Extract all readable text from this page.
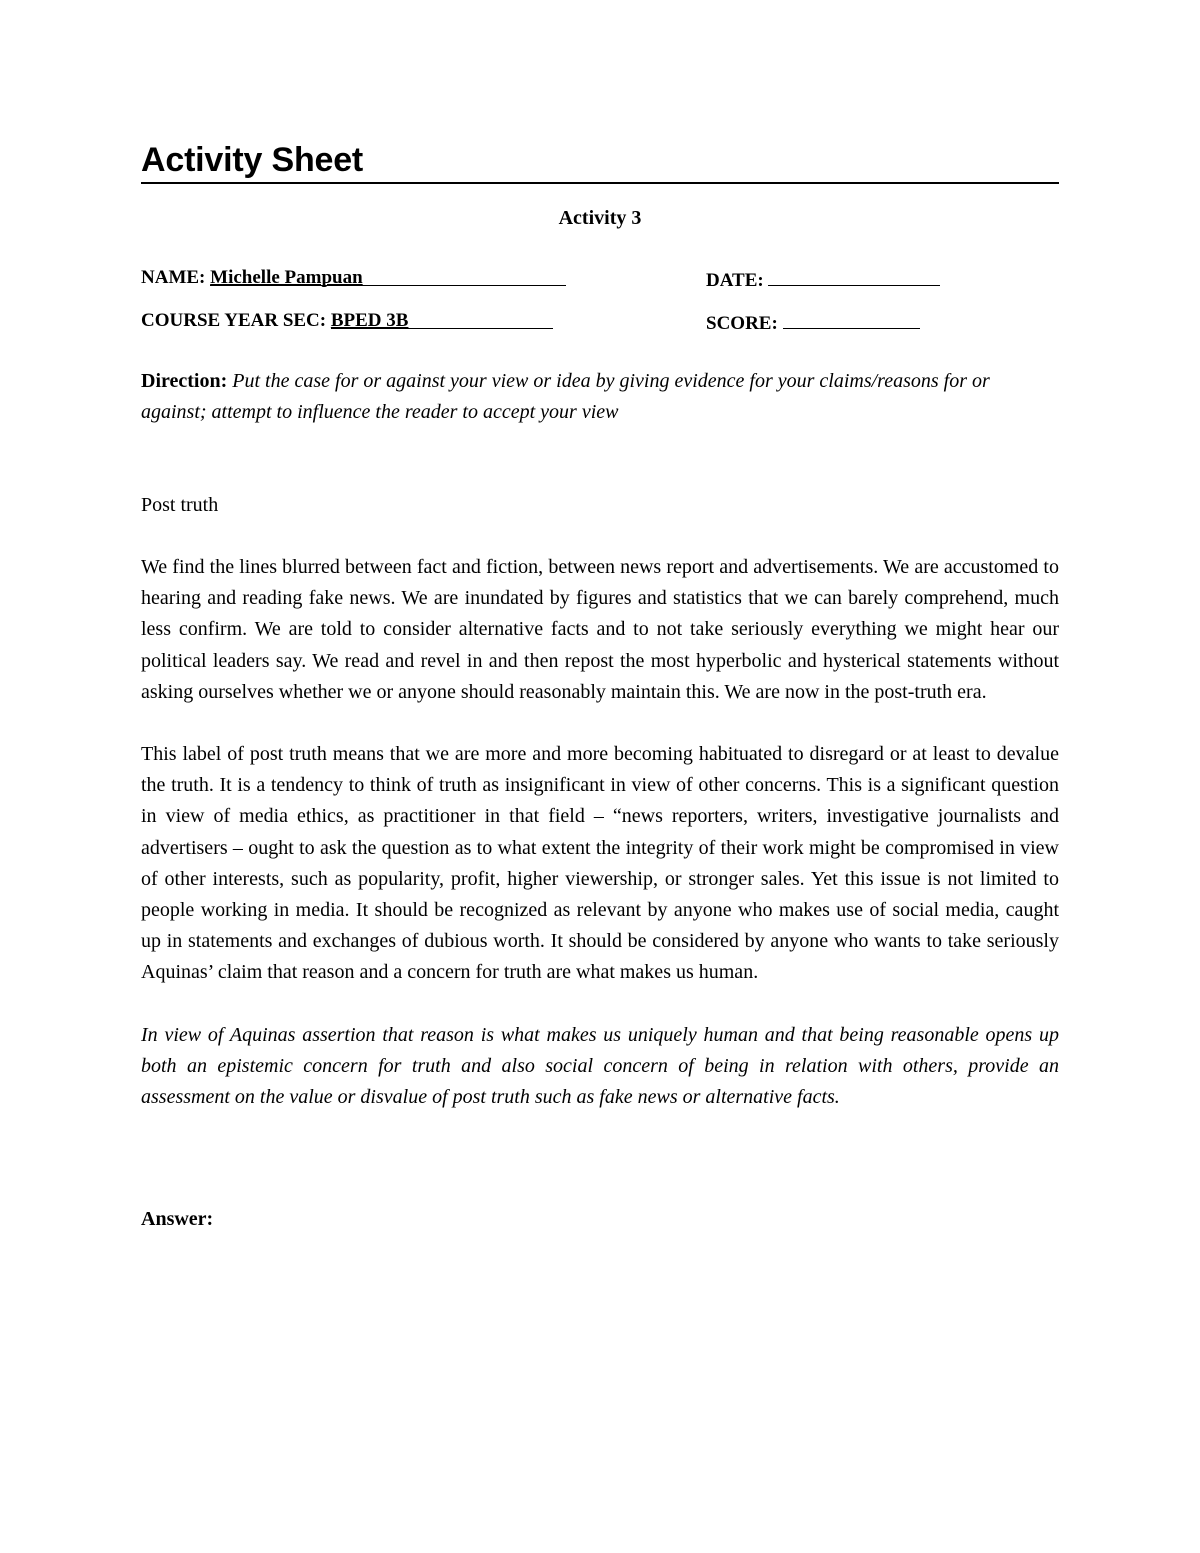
Activity Sheet
Activity 3
NAME: Michelle Pampuan	DATE:
COURSE YEAR SEC: BPED 3B	SCORE:
Direction: Put the case for or against your view or idea by giving evidence for your claims/reasons for or against; attempt to influence the reader to accept your view
Post truth

We find the lines blurred between fact and fiction, between news report and advertisements. We are accustomed to hearing and reading fake news. We are inundated by figures and statistics that we can barely comprehend, much less confirm. We are told to consider alternative facts and to not take seriously everything we might hear our political leaders say. We read and revel in and then repost the most hyperbolic and hysterical statements without asking ourselves whether we or anyone should reasonably maintain this. We are now in the post-truth era.

This label of post truth means that we are more and more becoming habituated to disregard or at least to devalue the truth. It is a tendency to think of truth as insignificant in view of other concerns. This is a significant question in view of media ethics, as practitioner in that field – “news reporters, writers, investigative journalists and advertisers – ought to ask the question as to what extent the integrity of their work might be compromised in view of other interests, such as popularity, profit, higher viewership, or stronger sales. Yet this issue is not limited to people working in media. It should be recognized as relevant by anyone who makes use of social media, caught up in statements and exchanges of dubious worth. It should be considered by anyone who wants to take seriously Aquinas’ claim that reason and a concern for truth are what makes us human.

In view of Aquinas assertion that reason is what makes us uniquely human and that being reasonable opens up both an epistemic concern for truth and also social concern of being in relation with others, provide an assessment on the value or disvalue of post truth such as fake news or alternative facts.

Answer:
